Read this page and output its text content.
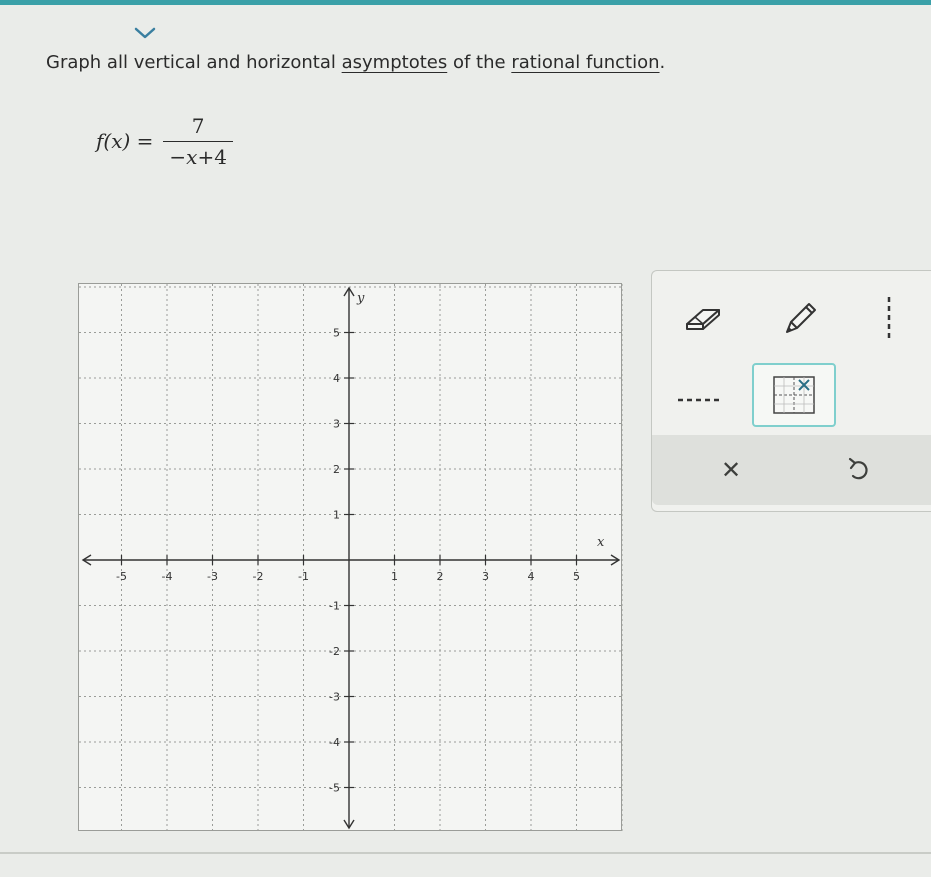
Graph all vertical and horizontal asymptotes of the rational function.
$f(x) = \frac{7}{-x+4}$
x
y
-5	-4	-3	-2	-1	1	2	3	4	5
5
4
3
2
1
-1
-2
-3
-4
-5
✕
